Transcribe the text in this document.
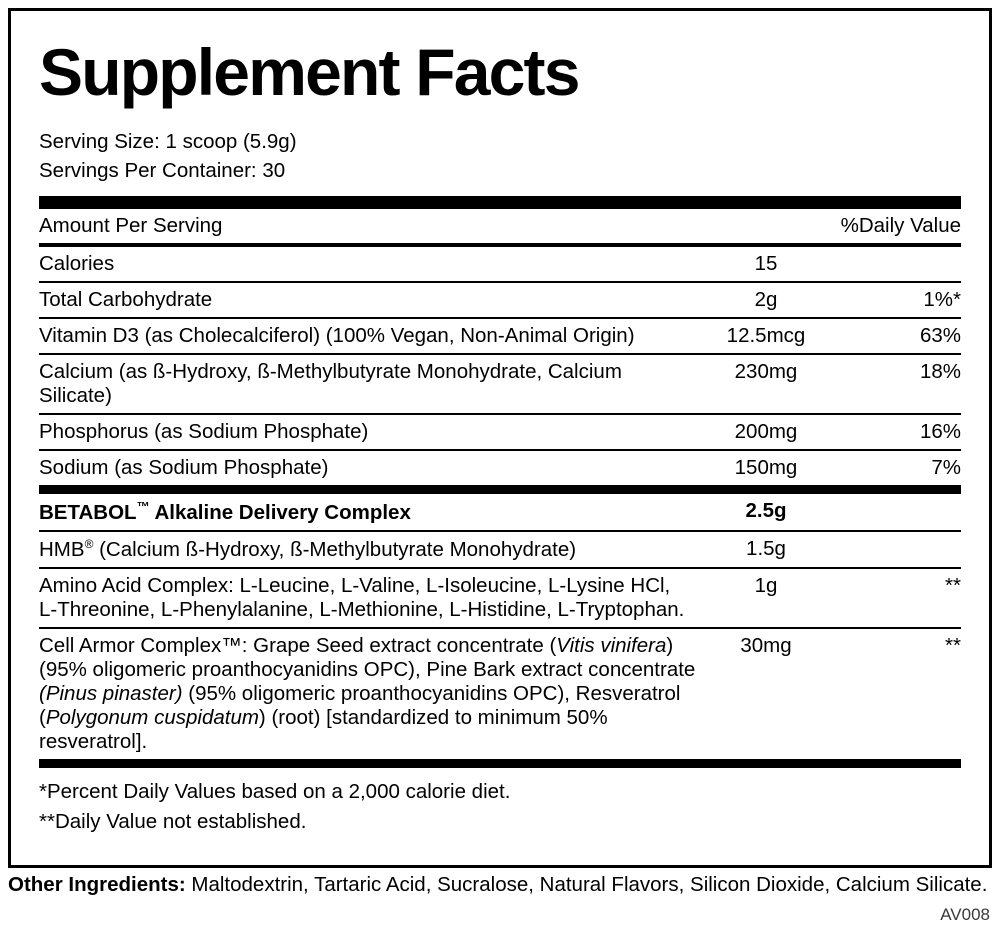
Supplement Facts
Serving Size: 1 scoop (5.9g)
Servings Per Container: 30
Amount Per Serving		%Daily Value
Calories	15	
Total Carbohydrate	2g	1%*
Vitamin D3 (as Cholecalciferol) (100% Vegan, Non-Animal Origin)	12.5mcg	63%
Calcium (as ß-Hydroxy, ß-Methylbutyrate Monohydrate, Calcium Silicate)	230mg	18%
Phosphorus (as Sodium Phosphate)	200mg	16%
Sodium (as Sodium Phosphate)	150mg	7%
BETABOL™ Alkaline Delivery Complex	2.5g	
HMB® (Calcium ß-Hydroxy, ß-Methylbutyrate Monohydrate)	1.5g	

Amino Acid Complex: L-Leucine, L-Valine, L-Isoleucine, L-Lysine HCl,
L-Threonine, L-Phenylalanine, L-Methionine, L-Histidine, L-Tryptophan.	1g	**

Cell Armor Complex™: Grape Seed extract concentrate (Vitis vinifera)
(95% oligomeric proanthocyanidins OPC), Pine Bark extract concentrate
(Pinus pinaster) (95% oligomeric proanthocyanidins OPC), Resveratrol
(Polygonum cuspidatum) (root) [standardized to minimum 50% resveratrol].	30mg	**
*Percent Daily Values based on a 2,000 calorie diet.
**Daily Value not established.
Other Ingredients: Maltodextrin, Tartaric Acid, Sucralose, Natural Flavors, Silicon Dioxide, Calcium Silicate.
AV008
